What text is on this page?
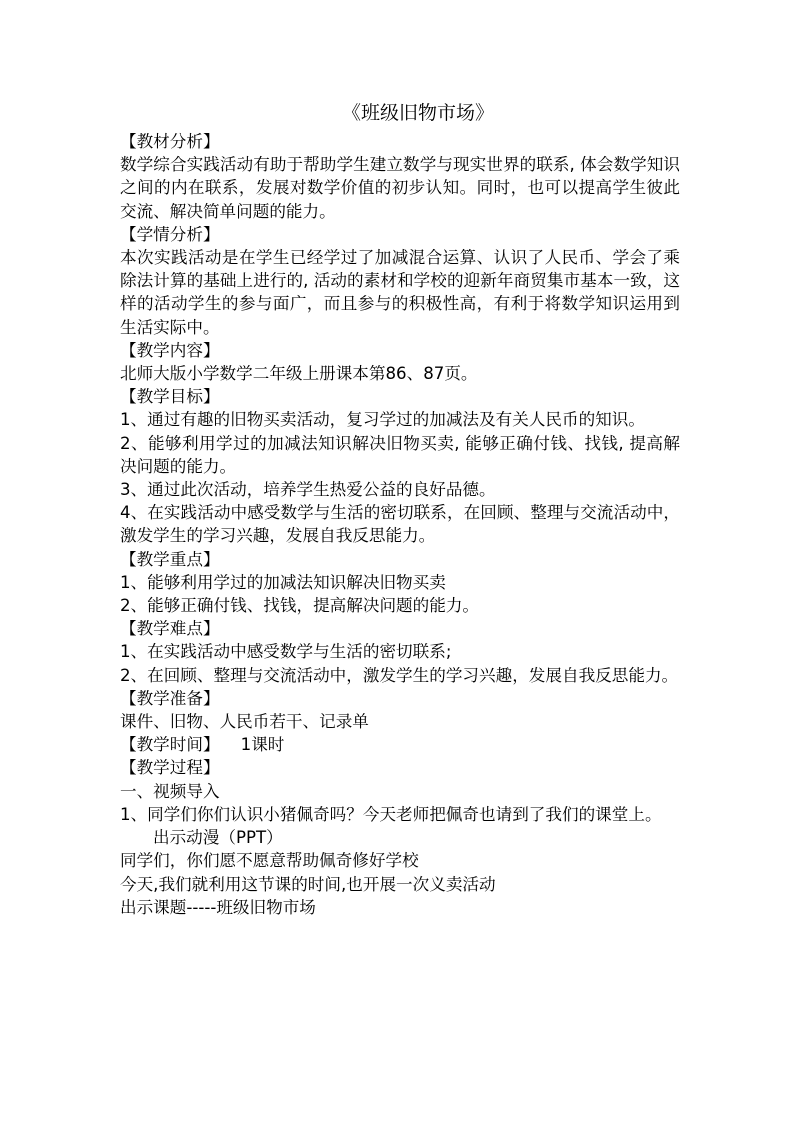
《班级旧物市场》
【教材分析】
数学综合实践活动有助于帮助学生建立数学与现实世界的联系, 体会数学知识之间的内在联系，发展对数学价值的初步认知。同时，也可以提高学生彼此交流、解决简单问题的能力。
【学情分析】
本次实践活动是在学生已经学过了加减混合运算、认识了人民币、学会了乘除法计算的基础上进行的, 活动的素材和学校的迎新年商贸集市基本一致，这样的活动学生的参与面广，而且参与的积极性高，有利于将数学知识运用到生活实际中。
【教学内容】
北师大版小学数学二年级上册课本第86、87页。
【教学目标】
1、通过有趣的旧物买卖活动，复习学过的加减法及有关人民币的知识。
2、能够利用学过的加减法知识解决旧物买卖, 能够正确付钱、找钱, 提高解决问题的能力。
3、通过此次活动，培养学生热爱公益的良好品德。
4、在实践活动中感受数学与生活的密切联系，在回顾、整理与交流活动中，激发学生的学习兴趣，发展自我反思能力。
【教学重点】
1、能够利用学过的加减法知识解决旧物买卖
2、能够正确付钱、找钱，提高解决问题的能力。
【教学难点】
1、在实践活动中感受数学与生活的密切联系;
2、在回顾、整理与交流活动中，激发学生的学习兴趣，发展自我反思能力。
【教学准备】
课件、旧物、人民币若干、记录单
【教学时间】    1课时
【教学过程】
一、视频导入
1、同学们你们认识小猪佩奇吗？今天老师把佩奇也请到了我们的课堂上。
出示动漫（PPT）
同学们，你们愿不愿意帮助佩奇修好学校
今天,我们就利用这节课的时间,也开展一次义卖活动
出示课题-----班级旧物市场
